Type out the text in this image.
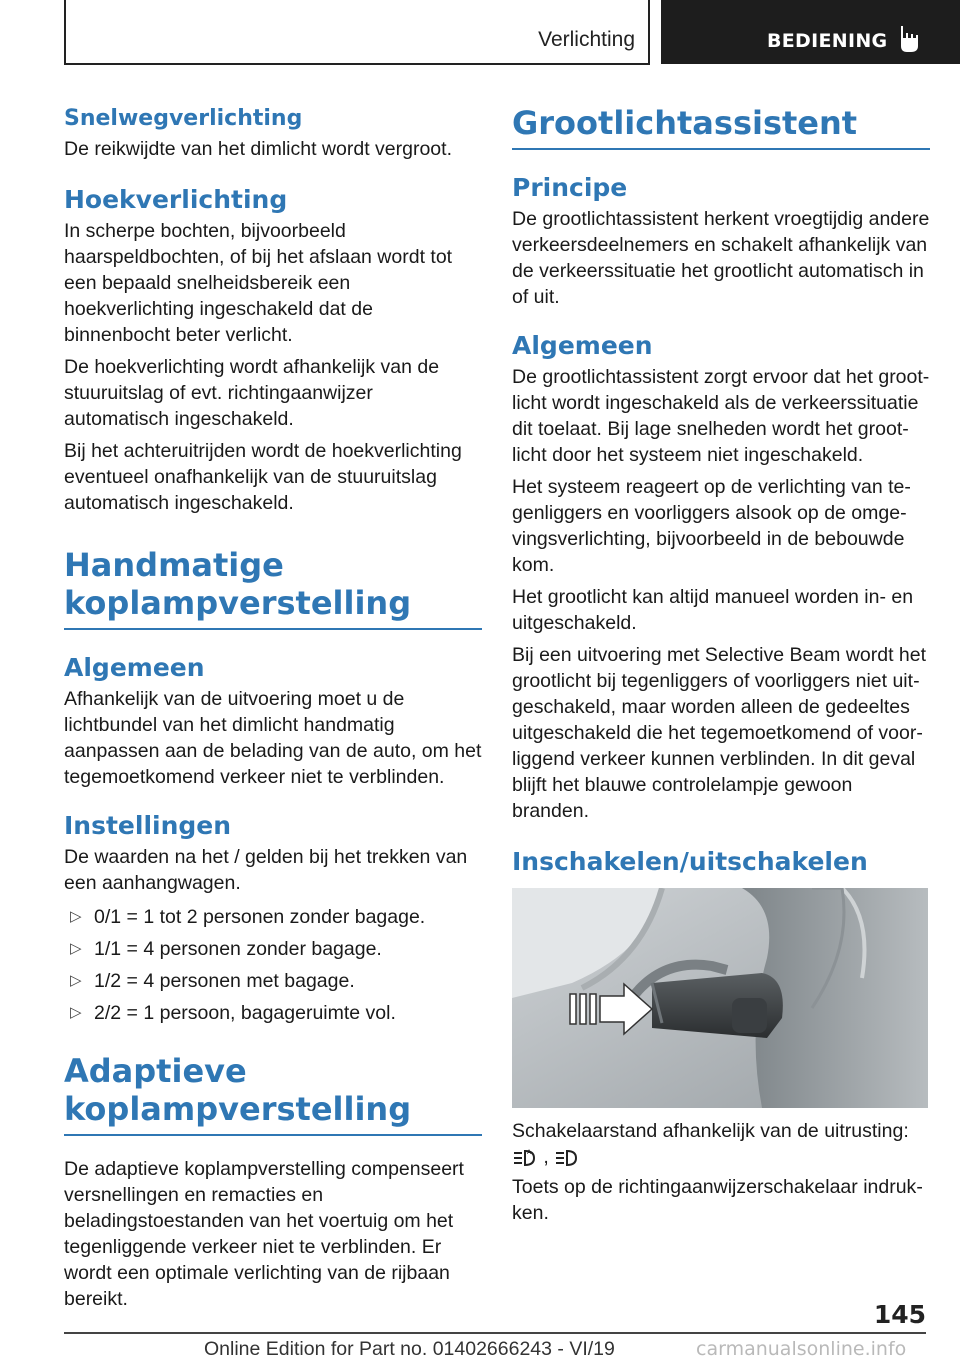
Verlichting	BEDIENING
Snelwegverlichting

De reikwijdte van het dimlicht wordt vergroot.

Hoekverlichting

In scherpe bochten, bijvoorbeeld haarspeldbochten, of bij het afslaan wordt tot een bepaald snelheidsbereik een hoekverlichting ingeschakeld dat de binnenbocht beter verlicht.

De hoekverlichting wordt afhankelijk van de stuuruitslag of evt. richtingaanwijzer automatisch ingeschakeld.

Bij het achteruitrijden wordt de hoekverlichting eventueel onafhankelijk van de stuuruitslag automatisch ingeschakeld.

Handmatige
koplampverstelling
Algemeen

Afhankelijk van de uitvoering moet u de lichtbundel van het dimlicht handmatig aanpassen aan de belading van de auto, om het tegemoetkomend verkeer niet te verblinden.

Instellingen

De waarden na het / gelden bij het trekken van een aanhangwagen.

▷ 0/1 = 1 tot 2 personen zonder bagage.
▷ 1/1 = 4 personen zonder bagage.
▷ 1/2 = 4 personen met bagage.
▷ 2/2 = 1 persoon, bagageruimte vol.
Adaptieve
koplampverstelling

De adaptieve koplampverstelling compenseert versnellingen en remacties en beladingstoestanden van het voertuig om het tegenliggende verkeer niet te verblinden. Er wordt een optimale verlichting van de rijbaan bereikt.

Grootlichtassistent
Principe

De grootlichtassistent herkent vroegtijdig andere verkeersdeelnemers en schakelt afhankelijk van de verkeerssituatie het grootlicht automatisch in of uit.

Algemeen

De grootlichtassistent zorgt ervoor dat het grootlicht wordt ingeschakeld als de verkeerssituatie dit toelaat. Bij lage snelheden wordt het grootlicht door het systeem niet ingeschakeld.

Het systeem reageert op de verlichting van tegenliggers en voorliggers alsook op de omgevingsverlichting, bijvoorbeeld in de bebouwde kom.

Het grootlicht kan altijd manueel worden in- en uitgeschakeld.

Bij een uitvoering met Selective Beam wordt het grootlicht bij tegenliggers of voorliggers niet uitgeschakeld, maar worden alleen de gedeeltes uitgeschakeld die het tegemoetkomend of voorliggend verkeer kunnen verblinden. In dit geval blijft het blauwe controlelampje gewoon branden.

Inschakelen/uitschakelen

Schakelaarstand afhankelijk van de uitrusting:

A ,

Toets op de richtingaanwijzerschakelaar indrukken.

145
Online Edition for Part no. 01402666243 - VI/19	carmanualsonline.info
